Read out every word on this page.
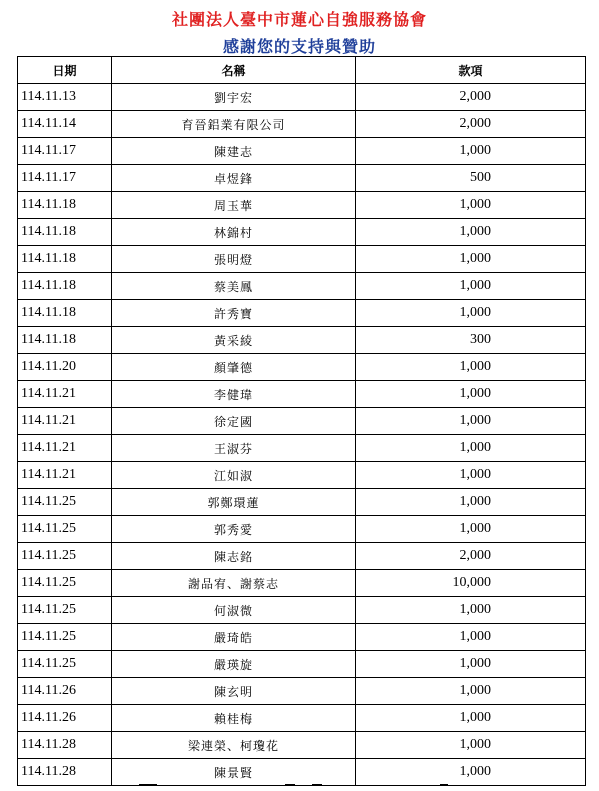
社團法人臺中市蓮心自強服務協會
感謝您的支持與贊助
日期	名稱	款項
114.11.13	劉宇宏	2,000
114.11.14	育晉鋁業有限公司	2,000
114.11.17	陳建志	1,000
114.11.17	卓煜鋒	500
114.11.18	周玉華	1,000
114.11.18	林錦村	1,000
114.11.18	張明燈	1,000
114.11.18	蔡美鳳	1,000
114.11.18	許秀寶	1,000
114.11.18	黃采綾	300
114.11.20	顏肇德	1,000
114.11.21	李健瑋	1,000
114.11.21	徐定國	1,000
114.11.21	王淑芬	1,000
114.11.21	江如淑	1,000
114.11.25	郭鄭環蓮	1,000
114.11.25	郭秀愛	1,000
114.11.25	陳志銘	2,000
114.11.25	謝品宥、謝蔡志	10,000
114.11.25	何淑微	1,000
114.11.25	嚴琦皓	1,000
114.11.25	嚴瑛旋	1,000
114.11.26	陳玄明	1,000
114.11.26	賴桂梅	1,000
114.11.28	梁連榮、柯瓊花	1,000
114.11.28	陳景賢	1,000
